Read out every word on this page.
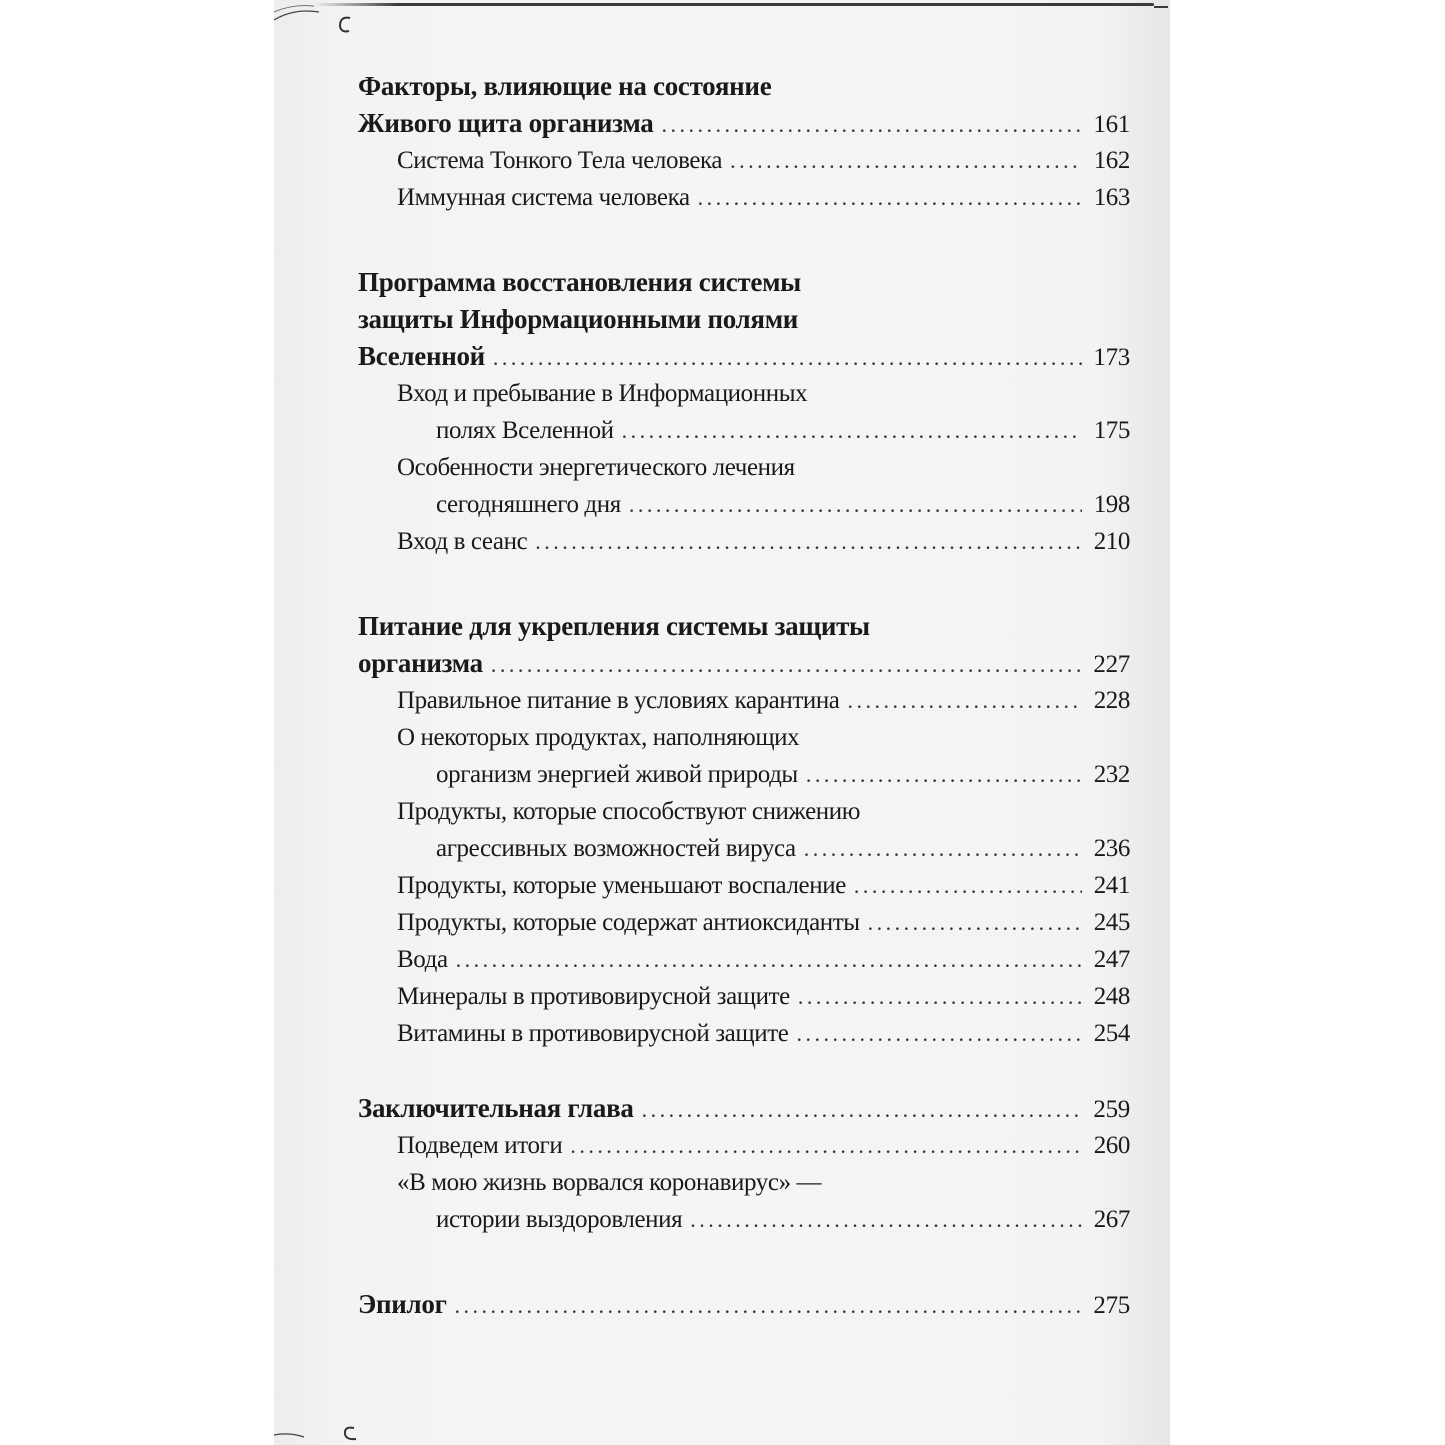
Факторы, влияющие на состояние
Живого щита организма . . .	161
Система Тонкого Тела человека . . .	162
Иммунная система человека . . .	163
Программа восстановления системы
защиты Информационными полями
Вселенной . . .	173
Вход и пребывание в Информационных
полях Вселенной . . .	175
Особенности энергетического лечения
сегодняшнего дня . . .	198
Вход в сеанс . . .	210
Питание для укрепления системы защиты
организма . . .	227
Правильное питание в условиях карантина . . .	228
О некоторых продуктах, наполняющих
организм энергией живой природы . . .	232
Продукты, которые способствуют снижению
агрессивных возможностей вируса . . .	236
Продукты, которые уменьшают воспаление . . .	241
Продукты, которые содержат антиоксиданты . . .	245
Вода . . .	247
Минералы в противовирусной защите . . .	248
Витамины в противовирусной защите . . .	254
Заключительная глава . . .	259
Подведем итоги . . .	260
«В мою жизнь ворвался коронавирус» —
истории выздоровления . . .	267
Эпилог . . .	275
